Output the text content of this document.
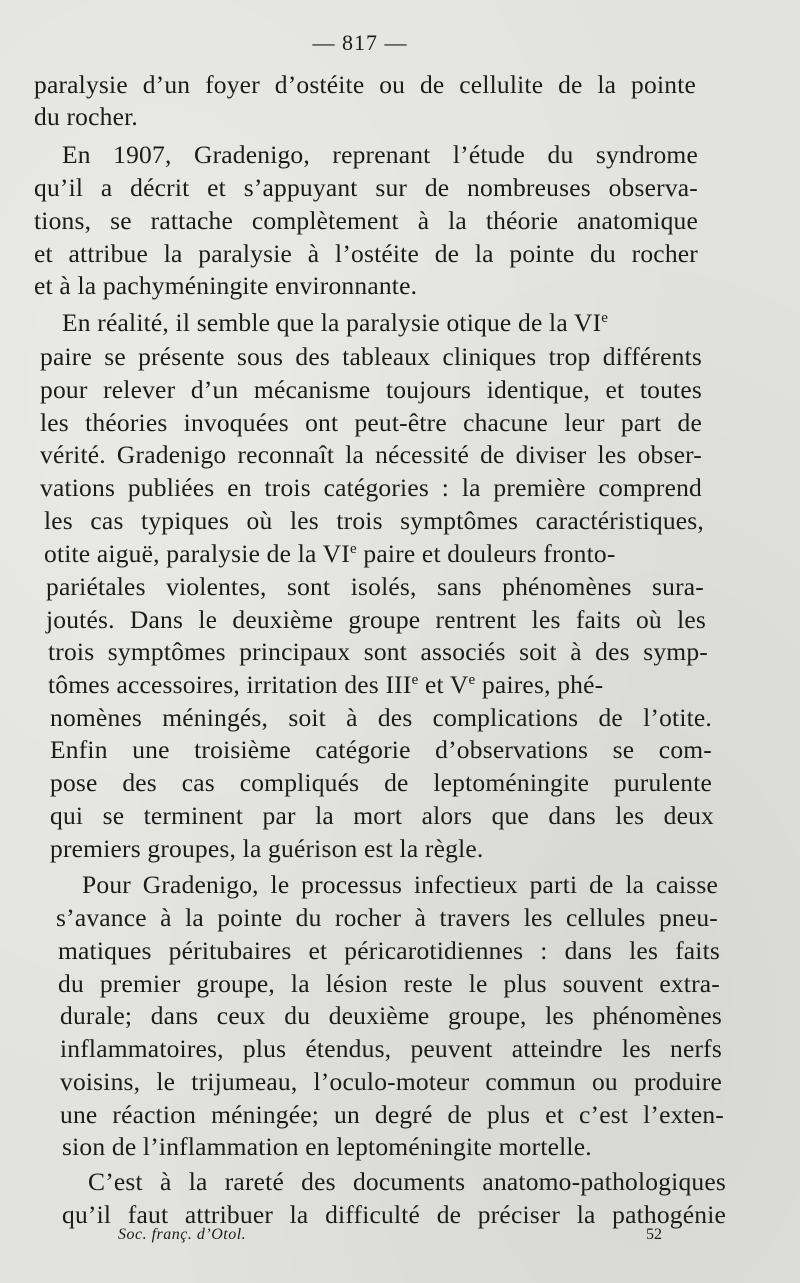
— 817 —
paralysie d’un foyer d’ostéite ou de cellulite de la pointe
du rocher.
En 1907, Gradenigo, reprenant l’étude du syndrome
qu’il a décrit et s’appuyant sur de nombreuses observa-
tions, se rattache complètement à la théorie anatomique
et attribue la paralysie à l’ostéite de la pointe du rocher
et à la pachyméningite environnante.
En réalité, il semble que la paralysie otique de la VIe
paire se présente sous des tableaux cliniques trop différents
pour relever d’un mécanisme toujours identique, et toutes
les théories invoquées ont peut-être chacune leur part de
vérité. Gradenigo reconnaît la nécessité de diviser les obser-
vations publiées en trois catégories : la première comprend
les cas typiques où les trois symptômes caractéristiques,
otite aiguë, paralysie de la VIe paire et douleurs fronto-
pariétales violentes, sont isolés, sans phénomènes sura-
joutés. Dans le deuxième groupe rentrent les faits où les
trois symptômes principaux sont associés soit à des symp-
tômes accessoires, irritation des IIIe et Ve paires, phé-
nomènes méningés, soit à des complications de l’otite.
Enfin une troisième catégorie d’observations se com-
pose des cas compliqués de leptoméningite purulente
qui se terminent par la mort alors que dans les deux
premiers groupes, la guérison est la règle.
Pour Gradenigo, le processus infectieux parti de la caisse
s’avance à la pointe du rocher à travers les cellules pneu-
matiques péritubaires et péricarotidiennes : dans les faits
du premier groupe, la lésion reste le plus souvent extra-
durale; dans ceux du deuxième groupe, les phénomènes
inflammatoires, plus étendus, peuvent atteindre les nerfs
voisins, le trijumeau, l’oculo-moteur commun ou produire
une réaction méningée; un degré de plus et c’est l’exten-
sion de l’inflammation en leptoméningite mortelle.
C’est à la rareté des documents anatomo-pathologiques
qu’il faut attribuer la difficulté de préciser la pathogénie
Soc. franç. d’Otol.	52
